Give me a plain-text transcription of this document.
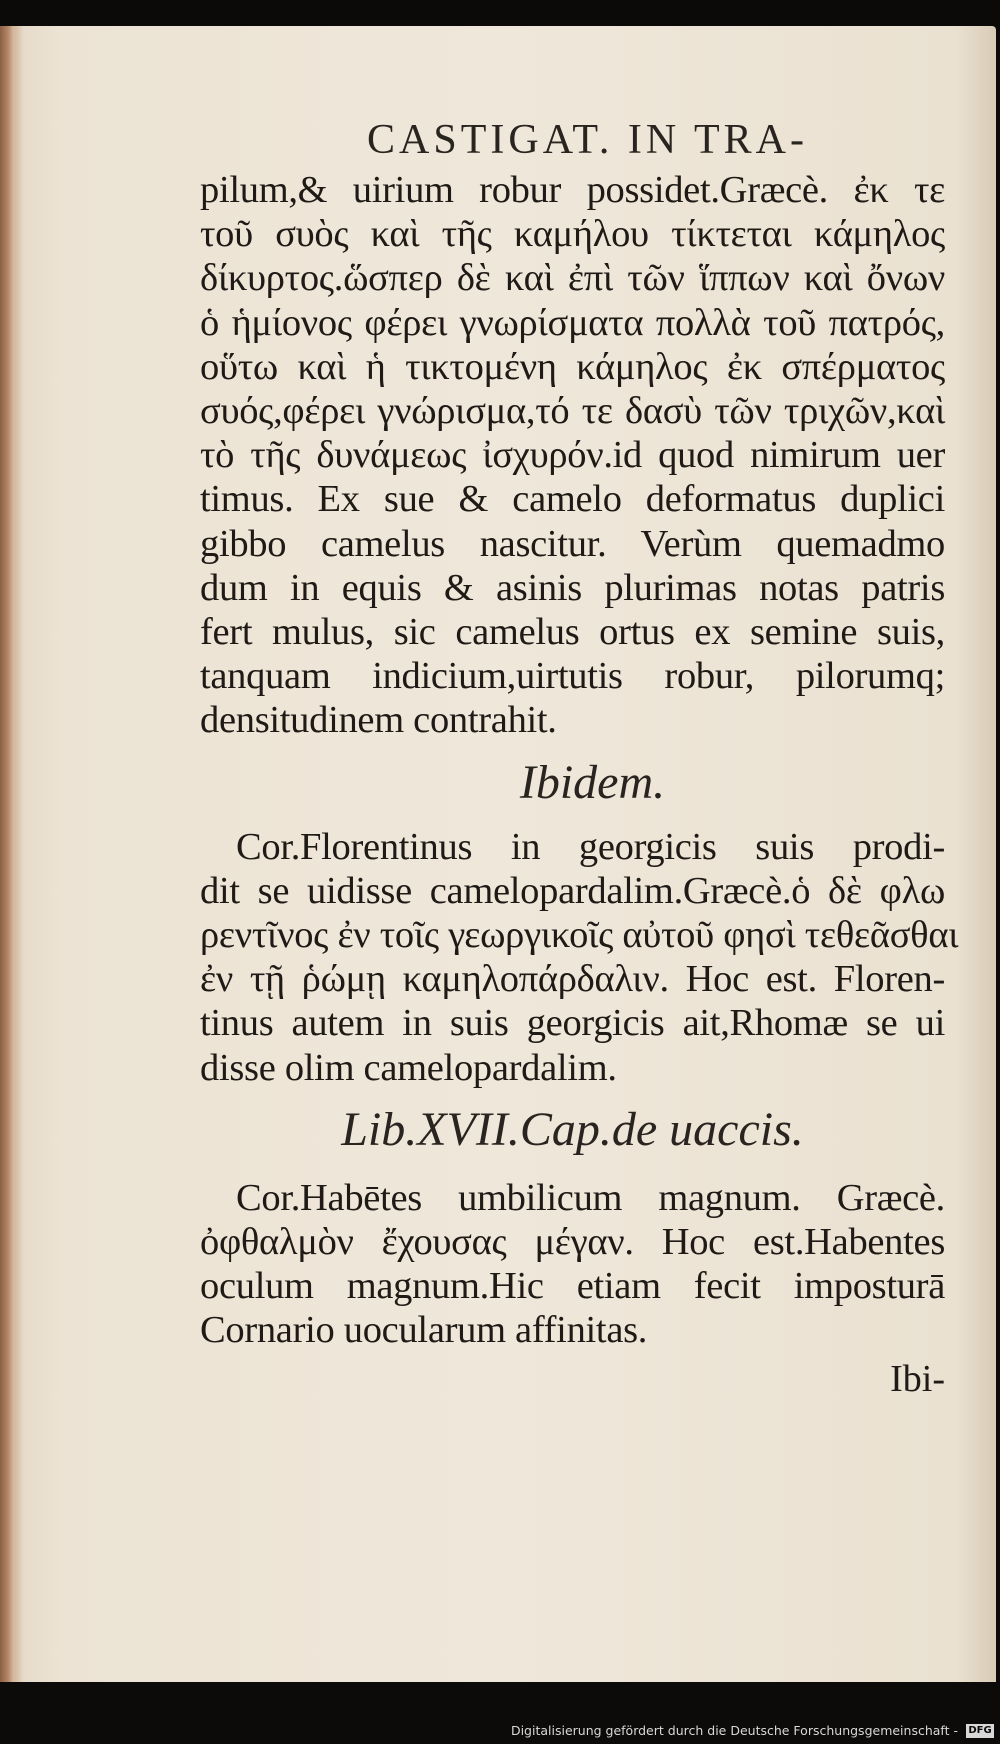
CASTIGAT. IN TRA-
pilum,& uirium robur possidet.Græcè. ἐκ τε
τοῦ συὸς καὶ τῆς καμήλου τίκτεται κάμηλος
δίκυρτος.ὥσπερ δὲ καὶ ἐπὶ τῶν ἵππων καὶ ὄνων
ὁ ἡμίονος φέρει γνωρίσματα πολλὰ τοῦ πατρός,
οὕτω καὶ ἡ τικτομένη κάμηλος ἐκ σπέρματος
συός,φέρει γνώρισμα,τό τε δασὺ τῶν τριχῶν,καὶ
τὸ τῆς δυνάμεως ἰσχυρόν.id quod nimirum uer
timus. Ex sue & camelo deformatus duplici
gibbo camelus nascitur. Verùm quemadmo
dum in equis & asinis plurimas notas patris
fert mulus, sic camelus ortus ex semine suis,
tanquam indicium,uirtutis robur, pilorumq;
densitudinem contrahit.
Ibidem.
Cor.Florentinus in georgicis suis prodi-
dit se uidisse camelopardalim.Græcè.ὁ δὲ φλω
ρεντῖνος ἐν τοῖς γεωργικοῖς αὐτοῦ φησὶ τεθεᾶσθαι
ἐν τῇ ῥώμῃ καμηλοπάρδαλιν. Hoc est. Floren-
tinus autem in suis georgicis ait,Rhomæ se ui
disse olim camelopardalim.
Lib.XVII.Cap.de uaccis.
Cor.Habētes umbilicum magnum. Græcè.
ὀφθαλμὸν ἔχουσας μέγαν. Hoc est.Habentes
oculum magnum.Hic etiam fecit imposturā
Cornario uocularum affinitas.
Ibi-
Digitalisierung gefördert durch die Deutsche Forschungsgemeinschaft - DFG
